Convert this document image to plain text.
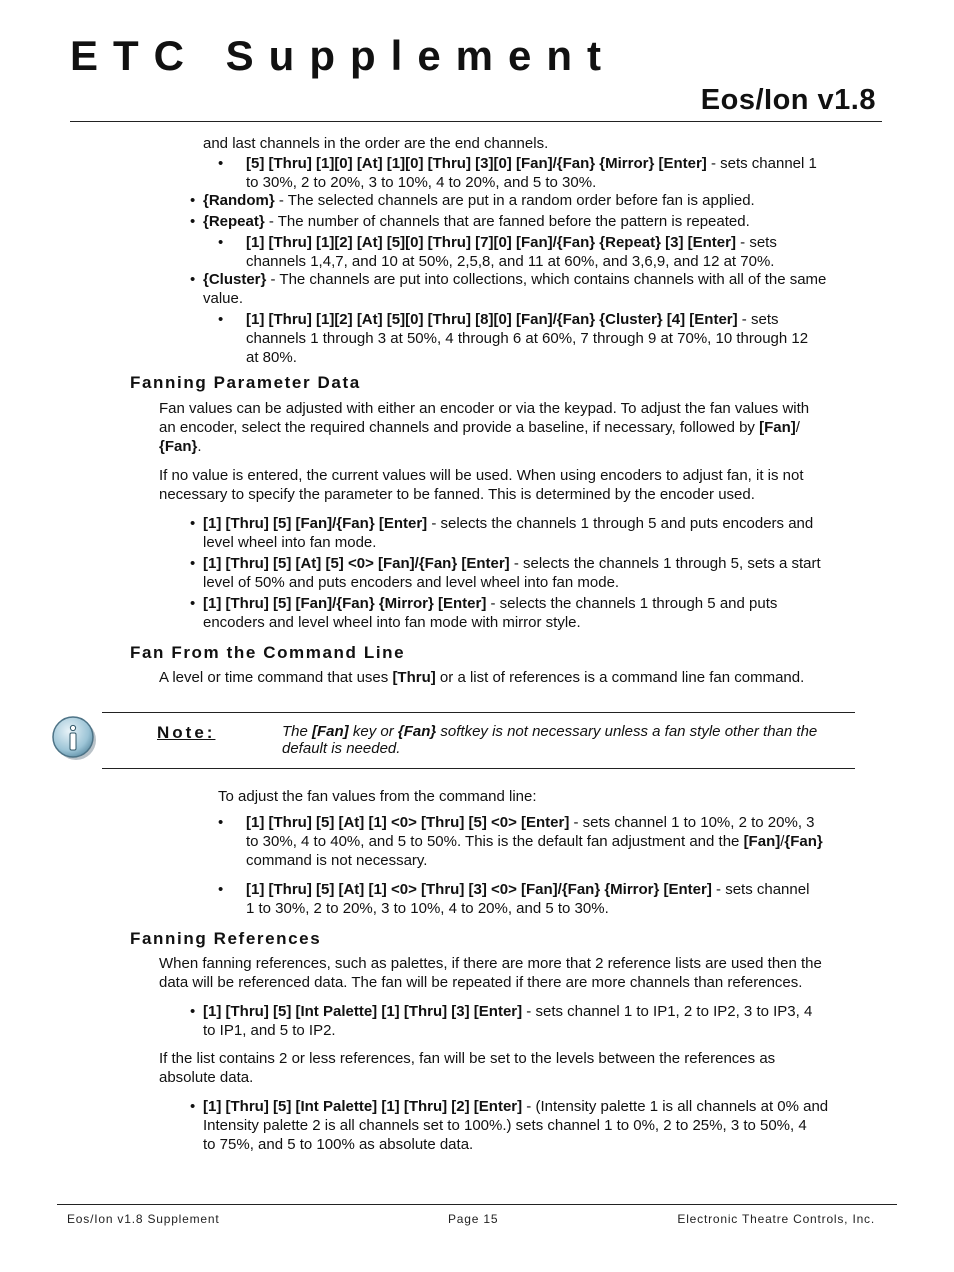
ETC Supplement
Eos/Ion v1.8
and last channels in the order are the end channels.
• [5] [Thru] [1][0] [At] [1][0] [Thru] [3][0] [Fan]/{Fan} {Mirror} [Enter] - sets channel 1
to 30%, 2 to 20%, 3 to 10%, 4 to 20%, and 5 to 30%.
• {Random} - The selected channels are put in a random order before fan is applied.
• {Repeat} - The number of channels that are fanned before the pattern is repeated.
• [1] [Thru] [1][2] [At] [5][0] [Thru] [7][0] [Fan]/{Fan} {Repeat} [3] [Enter] - sets
channels 1,4,7, and 10 at 50%, 2,5,8, and 11 at 60%, and 3,6,9, and 12 at 70%.
• {Cluster} - The channels are put into collections, which contains channels with all of the same
value.
• [1] [Thru] [1][2] [At] [5][0] [Thru] [8][0] [Fan]/{Fan} {Cluster} [4] [Enter] - sets
channels 1 through 3 at 50%, 4 through 6 at 60%, 7 through 9 at 70%, 10 through 12
at 80%.
Fanning Parameter Data
Fan values can be adjusted with either an encoder or via the keypad. To adjust the fan values with
an encoder, select the required channels and provide a baseline, if necessary, followed by [Fan]/
{Fan}.
If no value is entered, the current values will be used. When using encoders to adjust fan, it is not
necessary to specify the parameter to be fanned. This is determined by the encoder used.
• [1] [Thru] [5] [Fan]/{Fan} [Enter] - selects the channels 1 through 5 and puts encoders and
level wheel into fan mode.
• [1] [Thru] [5] [At] [5] <0> [Fan]/{Fan} [Enter] - selects the channels 1 through 5, sets a start
level of 50% and puts encoders and level wheel into fan mode.
• [1] [Thru] [5] [Fan]/{Fan} {Mirror} [Enter] - selects the channels 1 through 5 and puts
encoders and level wheel into fan mode with mirror style.
Fan From the Command Line
A level or time command that uses [Thru] or a list of references is a command line fan command.
Note:	The [Fan] key or {Fan} softkey is not necessary unless a fan style other than the
default is needed.
To adjust the fan values from the command line:
• [1] [Thru] [5] [At] [1] <0> [Thru] [5] <0> [Enter] - sets channel 1 to 10%, 2 to 20%, 3
to 30%, 4 to 40%, and 5 to 50%. This is the default fan adjustment and the [Fan]/{Fan}
command is not necessary.
• [1] [Thru] [5] [At] [1] <0> [Thru] [3] <0> [Fan]/{Fan} {Mirror} [Enter] - sets channel
1 to 30%, 2 to 20%, 3 to 10%, 4 to 20%, and 5 to 30%.
Fanning References
When fanning references, such as palettes, if there are more that 2 reference lists are used then the
data will be referenced data. The fan will be repeated if there are more channels than references.
• [1] [Thru] [5] [Int Palette] [1] [Thru] [3] [Enter] - sets channel 1 to IP1, 2 to IP2, 3 to IP3, 4
to IP1, and 5 to IP2.
If the list contains 2 or less references, fan will be set to the levels between the references as
absolute data.
• [1] [Thru] [5] [Int Palette] [1] [Thru] [2] [Enter] - (Intensity palette 1 is all channels at 0% and
Intensity palette 2 is all channels set to 100%.) sets channel 1 to 0%, 2 to 25%, 3 to 50%, 4
to 75%, and 5 to 100% as absolute data.
Eos/Ion v1.8 Supplement	Page 15	Electronic Theatre Controls, Inc.
